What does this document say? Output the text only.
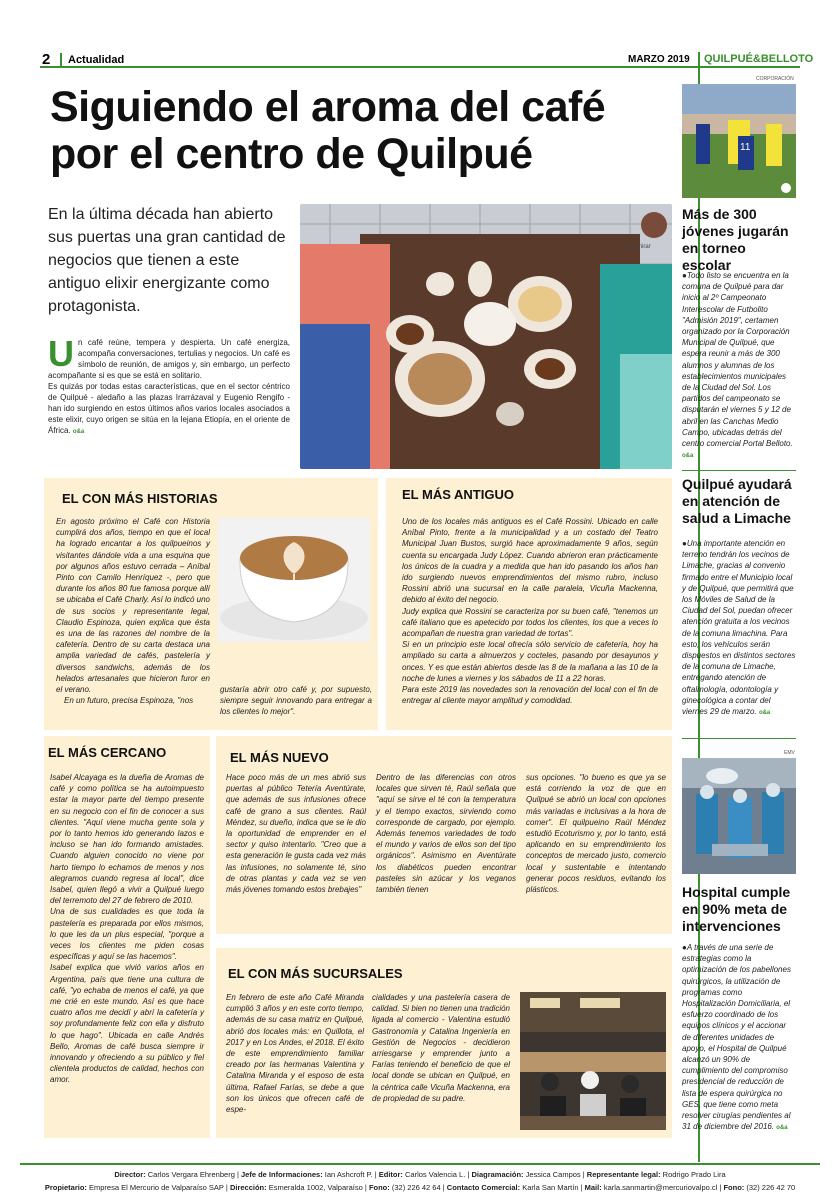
2	Actualidad	MARZO 2019 QUILPUÉ&BELLOTO
Siguiendo el aroma del café por el centro de Quilpué
En la última década han abierto sus puertas una gran cantidad de negocios que tienen a este antiguo elixir energizante como protagonista.
café mirar
U n café reúne, tempera y despierta. Un café energiza, acompaña conversaciones, tertulias y negocios. Un café es símbolo de reunión, de amigos y, sin embargo, un perfecto acompañante si es que se está en solitario.
Es quizás por todas estas características, que en el sector céntrico de Quilpué - aledaño a las plazas Irarrázaval y Eugenio Rengifo - han ido surgiendo en estos últimos años varios locales asociados a este elixir, cuyo origen se sitúa en la lejana Etiopía, en el oriente de África. o&a
EL CON MÁS HISTORIAS
En agosto próximo el Café con Historia cumplirá dos años, tiempo en que el local ha logrado encantar a los quilpueinos y visitantes dándole vida a una esquina que por algunos años estuvo cerrada – Aníbal Pinto con Camilo Henríquez -, pero que durante los años 80 fue famosa porque allí se ubicaba el Café Charly. Así lo indicó uno de sus socios y representante legal, Claudio Espinoza, quien explica que ésta es una de las razones del nombre de la cafetería. Dentro de su carta destaca una amplia variedad de cafés, pastelería y diversos sandwichs, además de los helados artesanales que hicieron furor en el verano.
En un futuro, precisa Espinoza, "nos
gustaría abrir otro café y, por supuesto, siempre seguir innovando para entregar a los clientes lo mejor".
EL MÁS ANTIGUO
Uno de los locales más antiguos es el Café Rossini. Ubicado en calle Aníbal Pinto, frente a la municipalidad y a un costado del Teatro Municipal Juan Bustos, surgió hace aproximadamente 9 años, según cuenta su encargada Judy López. Cuando abrieron eran prácticamente los únicos de la cuadra y a medida que han ido pasando los años han ido surgiendo nuevos emprendimientos del mismo rubro, incluso Rossini abrió una sucursal en la calle paralela, Vicuña Mackenna, debido al éxito del negocio.
Judy explica que Rossini se caracteriza por su buen café, "tenemos un café italiano que es apetecido por todos los clientes, los que a veces lo acompañan de nuestra gran variedad de tortas".
Si en un principio este local ofrecía sólo servicio de cafetería, hoy ha ampliado su carta a almuerzos y cocteles, pasando por desayunos y onces. Y es que están abiertos desde las 8 de la mañana a las 10 de la noche de lunes a viernes y los sábados de 11 a 22 horas.
Para este 2019 las novedades son la renovación del local con el fin de entregar al cliente mayor amplitud y comodidad.
EL MÁS CERCANO
Isabel Alcayaga es la dueña de Aromas de café y como política se ha autoimpuesto estar la mayor parte del tiempo presente en su negocio con el fin de conocer a sus clientes. "Aquí viene mucha gente sola y por lo tanto hemos ido generando lazos e incluso se han ido formando amistades. Cuando alguien conocido no viene por harto tiempo lo echamos de menos y nos alegramos cuando regresa al local", dice Isabel, quien llegó a vivir a Quilpué luego del terremoto del 27 de febrero de 2010.
Una de sus cualidades es que toda la pastelería es preparada por ellos mismos, lo que les da un plus especial, "porque a veces los clientes me piden cosas específicas y aquí se las hacemos".
Isabel explica que vivió varios años en Argentina, país que tiene una cultura de café, "yo echaba de menos el café, ya que me crié en este mundo. Así es que hace cuatro años me decidí y abrí la cafetería y soy profundamente feliz con ella y disfruto lo que hago". Ubicada en calle Andrés Bello, Aromas de café busca siempre ir innovando y ofreciendo a su público y fiel clientela productos de calidad, hechos con amor.
EL MÁS NUEVO
Hace poco más de un mes abrió sus puertas al público Tetería Aventúrate, que además de sus infusiones ofrece café de grano a sus clientes. Raúl Méndez, su dueño, indica que se le dio la oportunidad de emprender en el sector y quiso intentarlo. "Creo que a esta generación le gusta cada vez más las infusiones, no solamente té, sino de otras plantas y cada vez se ven más jóvenes tomando estos brebajes"
Dentro de las diferencias con otros locales que sirven té, Raúl señala que "aquí se sirve el té con la temperatura y el tiempo exactos, sirviendo como corresponde de cargado, por ejemplo. Además tenemos variedades de todo el mundo y varios de ellos son del tipo orgánicos". Asimismo en Aventúrate los diabéticos pueden encontrar pasteles sin azúcar y los veganos también tienen
sus opciones. "lo bueno es que ya se está corriendo la voz de que en Quilpué se abrió un local con opciones más variadas e inclusivas a la hora de comer". El quilpueino Raúl Méndez estudió Ecoturismo y, por lo tanto, está aplicando en su emprendimiento los conceptos de mercado justo, comercio local y sustentable e intentando generar pocos residuos, evitando los plásticos.
EL CON MÁS SUCURSALES
En febrero de este año Café Miranda cumplió 3 años y en este corto tiempo, además de su casa matriz en Quilpué, abrió dos locales más: en Quillota, el 2017 y en Los Andes, el 2018. El éxito de este emprendimiento familiar creado por las hermanas Valentina y Catalina Miranda y el esposo de esta última, Rafael Farías, se debe a que son los únicos que ofrecen café de espe-
cialidades y una pastelería casera de calidad. Si bien no tienen una tradición ligada al comercio - Valentina estudió Gastronomía y Catalina Ingeniería en Gestión de Negocios - decidieron arriesgarse y emprender junto a Farías teniendo el beneficio de que el local donde se ubican en Quilpué, en la céntrica calle Vicuña Mackenna, era de propiedad de su padre.
CORPORACIÓN
11
Más de 300 jóvenes jugarán en torneo escolar
●Todo listo se encuentra en la comuna de Quilpué para dar inicio al 2º Campeonato Interescolar de Futbolito "Admisión 2019", certamen organizado por la Corporación Municipal de Quilpué, que espera reunir a más de 300 alumnos y alumnas de los establecimientos municipales de la Ciudad del Sol. Los partidos del campeonato se disputarán el viernes 5 y 12 de abril en las Canchas Medio Campo, ubicadas detrás del centro comercial Portal Belloto. o&a
Quilpué ayudará en atención de salud a Limache
●Una importante atención en terreno tendrán los vecinos de Limache, gracias al convenio firmado entre el Municipio local y de Quilpué, que permitirá que los Móviles de Salud de la Ciudad del Sol, puedan ofrecer atención gratuita a los vecinos de la comuna limachina. Para esto, los vehículos serán dispuestos en distintos sectores de la comuna de Limache, entregando atención de oftalmología, odontología y ginecológica a contar del viernes 29 de marzo. o&a
EMV
Hospital cumple en 90% meta de intervenciones
●A través de una serie de estrategias como la optimización de los pabellones quirúrgicos, la utilización de programas como Hospitalización Domiciliaria, el esfuerzo coordinado de los equipos clínicos y el accionar de diferentes unidades de apoyo, el Hospital de Quilpué alcanzó un 90% de cumplimiento del compromiso presidencial de reducción de lista de espera quirúrgica no GES, que tiene como meta resolver cirugías pendientes al 31 de diciembre del 2016. o&a
Director: Carlos Vergara Ehrenberg | Jefe de Informaciones: Ian Ashcroft P. | Editor: Carlos Valencia L. | Diagramación: Jessica Campos | Representante legal: Rodrigo Prado Lira
Propietario: Empresa El Mercurio de Valparaíso SAP | Dirección: Esmeralda 1002, Valparaíso | Fono: (32) 226 42 64 | Contacto Comercial: Karla San Martín | Mail: karla.sanmartin@mercuriovalpo.cl | Fono: (32) 226 42 70
